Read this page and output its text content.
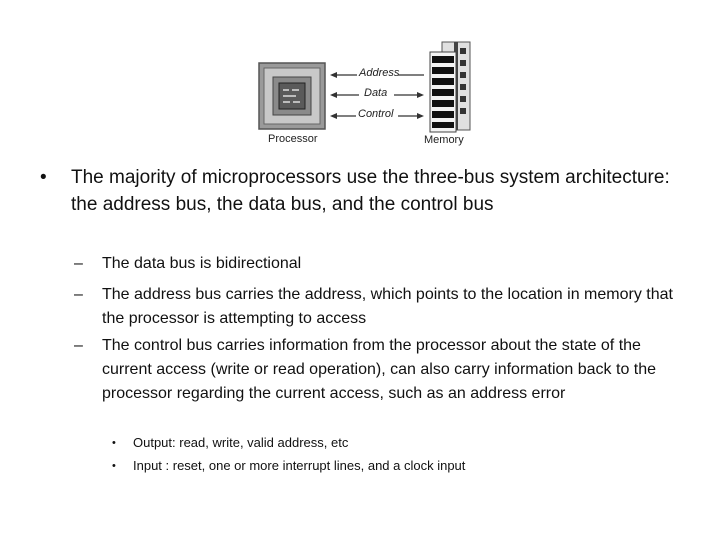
Address
Data
Control
Processor	Memory
• The majority of microprocessors use the three-bus system architecture: the address bus, the data bus, and the control bus
– The data bus is bidirectional
– The address bus carries the address, which points to the location in memory that the processor is attempting to access
– The control bus carries information from the processor about the state of the current access (write or read operation), can also carry information back to the processor regarding the current access, such as an address error
• Output: read, write, valid address, etc
• Input : reset, one or more interrupt lines, and a clock input
